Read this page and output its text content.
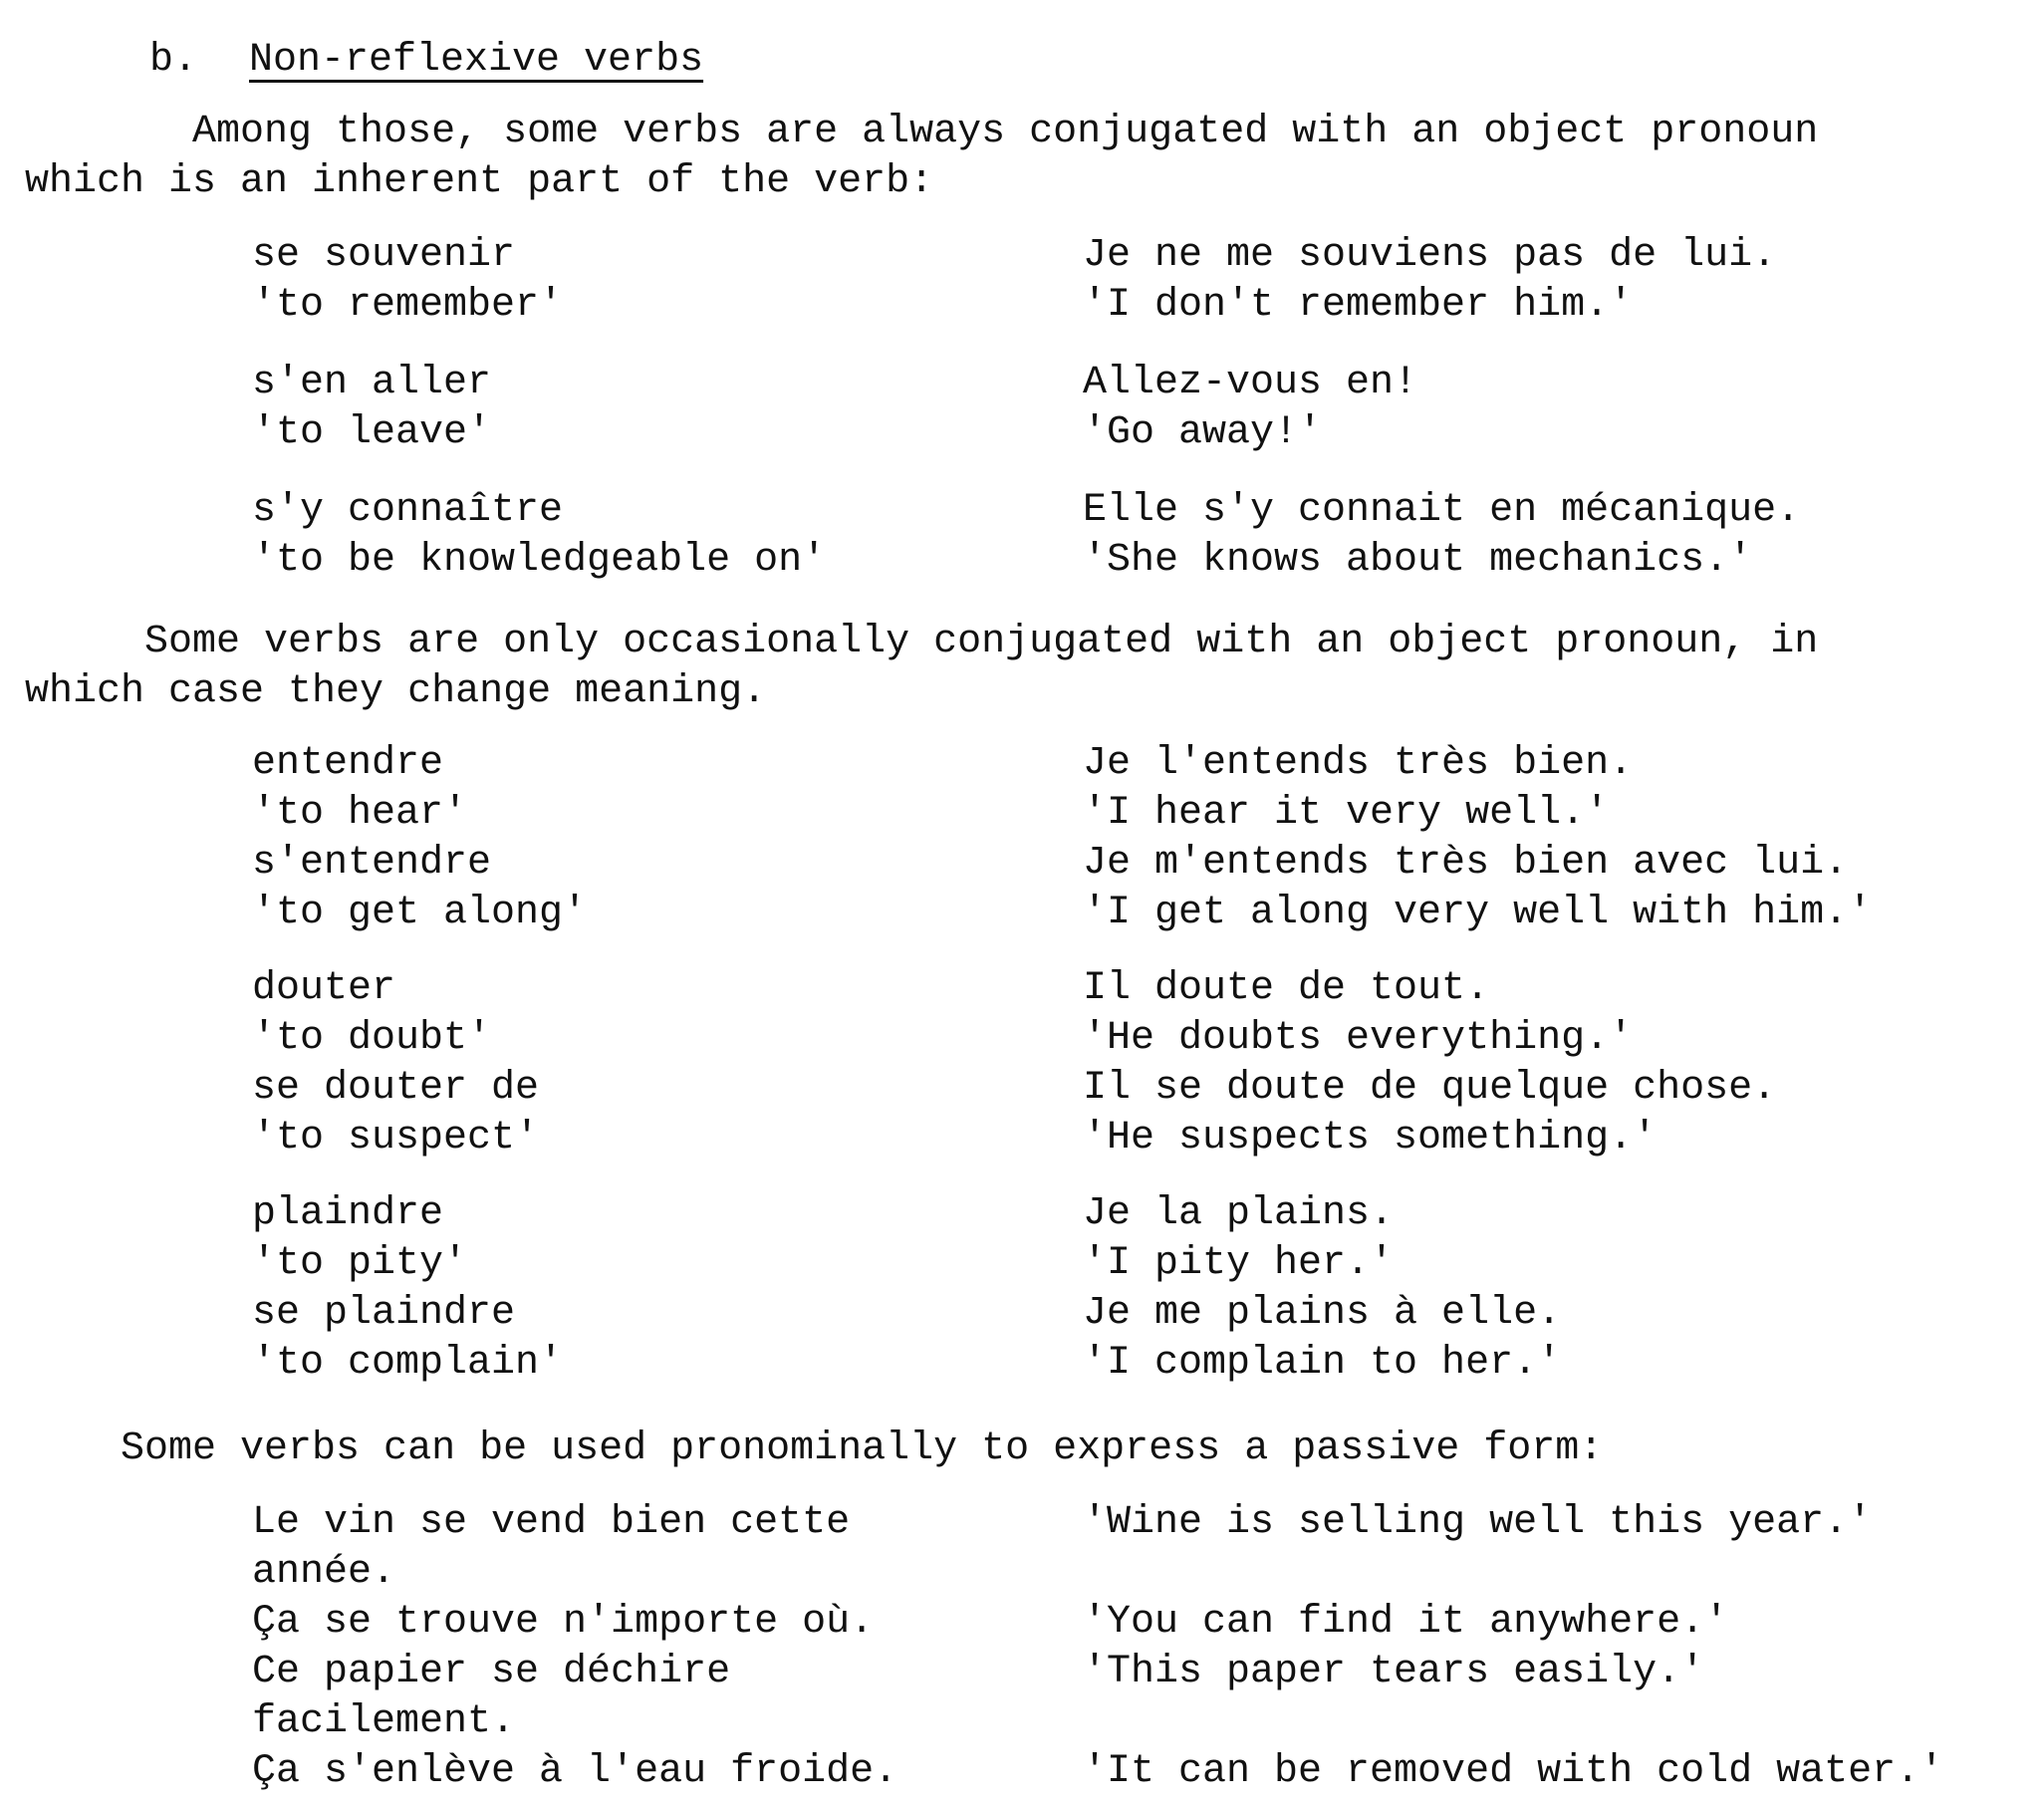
b. Non-reflexive verbs
Among those, some verbs are always conjugated with an object pronoun
which is an inherent part of the verb:
se souvenir	Je ne me souviens pas de lui.
'to remember'	'I don't remember him.'
s'en aller	Allez-vous en!
'to leave'	'Go away!'
s'y connaître	Elle s'y connait en mécanique.
'to be knowledgeable on'	'She knows about mechanics.'
Some verbs are only occasionally conjugated with an object pronoun, in
which case they change meaning.
entendre	Je l'entends très bien.
'to hear'	'I hear it very well.'
s'entendre	Je m'entends très bien avec lui.
'to get along'	'I get along very well with him.'
douter	Il doute de tout.
'to doubt'	'He doubts everything.'
se douter de	Il se doute de quelque chose.
'to suspect'	'He suspects something.'
plaindre	Je la plains.
'to pity'	'I pity her.'
se plaindre	Je me plains à elle.
'to complain'	'I complain to her.'
Some verbs can be used pronominally to express a passive form:
Le vin se vend bien cette	'Wine is selling well this year.'
année.
Ça se trouve n'importe où.	'You can find it anywhere.'
Ce papier se déchire	'This paper tears easily.'
facilement.
Ça s'enlève à l'eau froide.	'It can be removed with cold water.'
